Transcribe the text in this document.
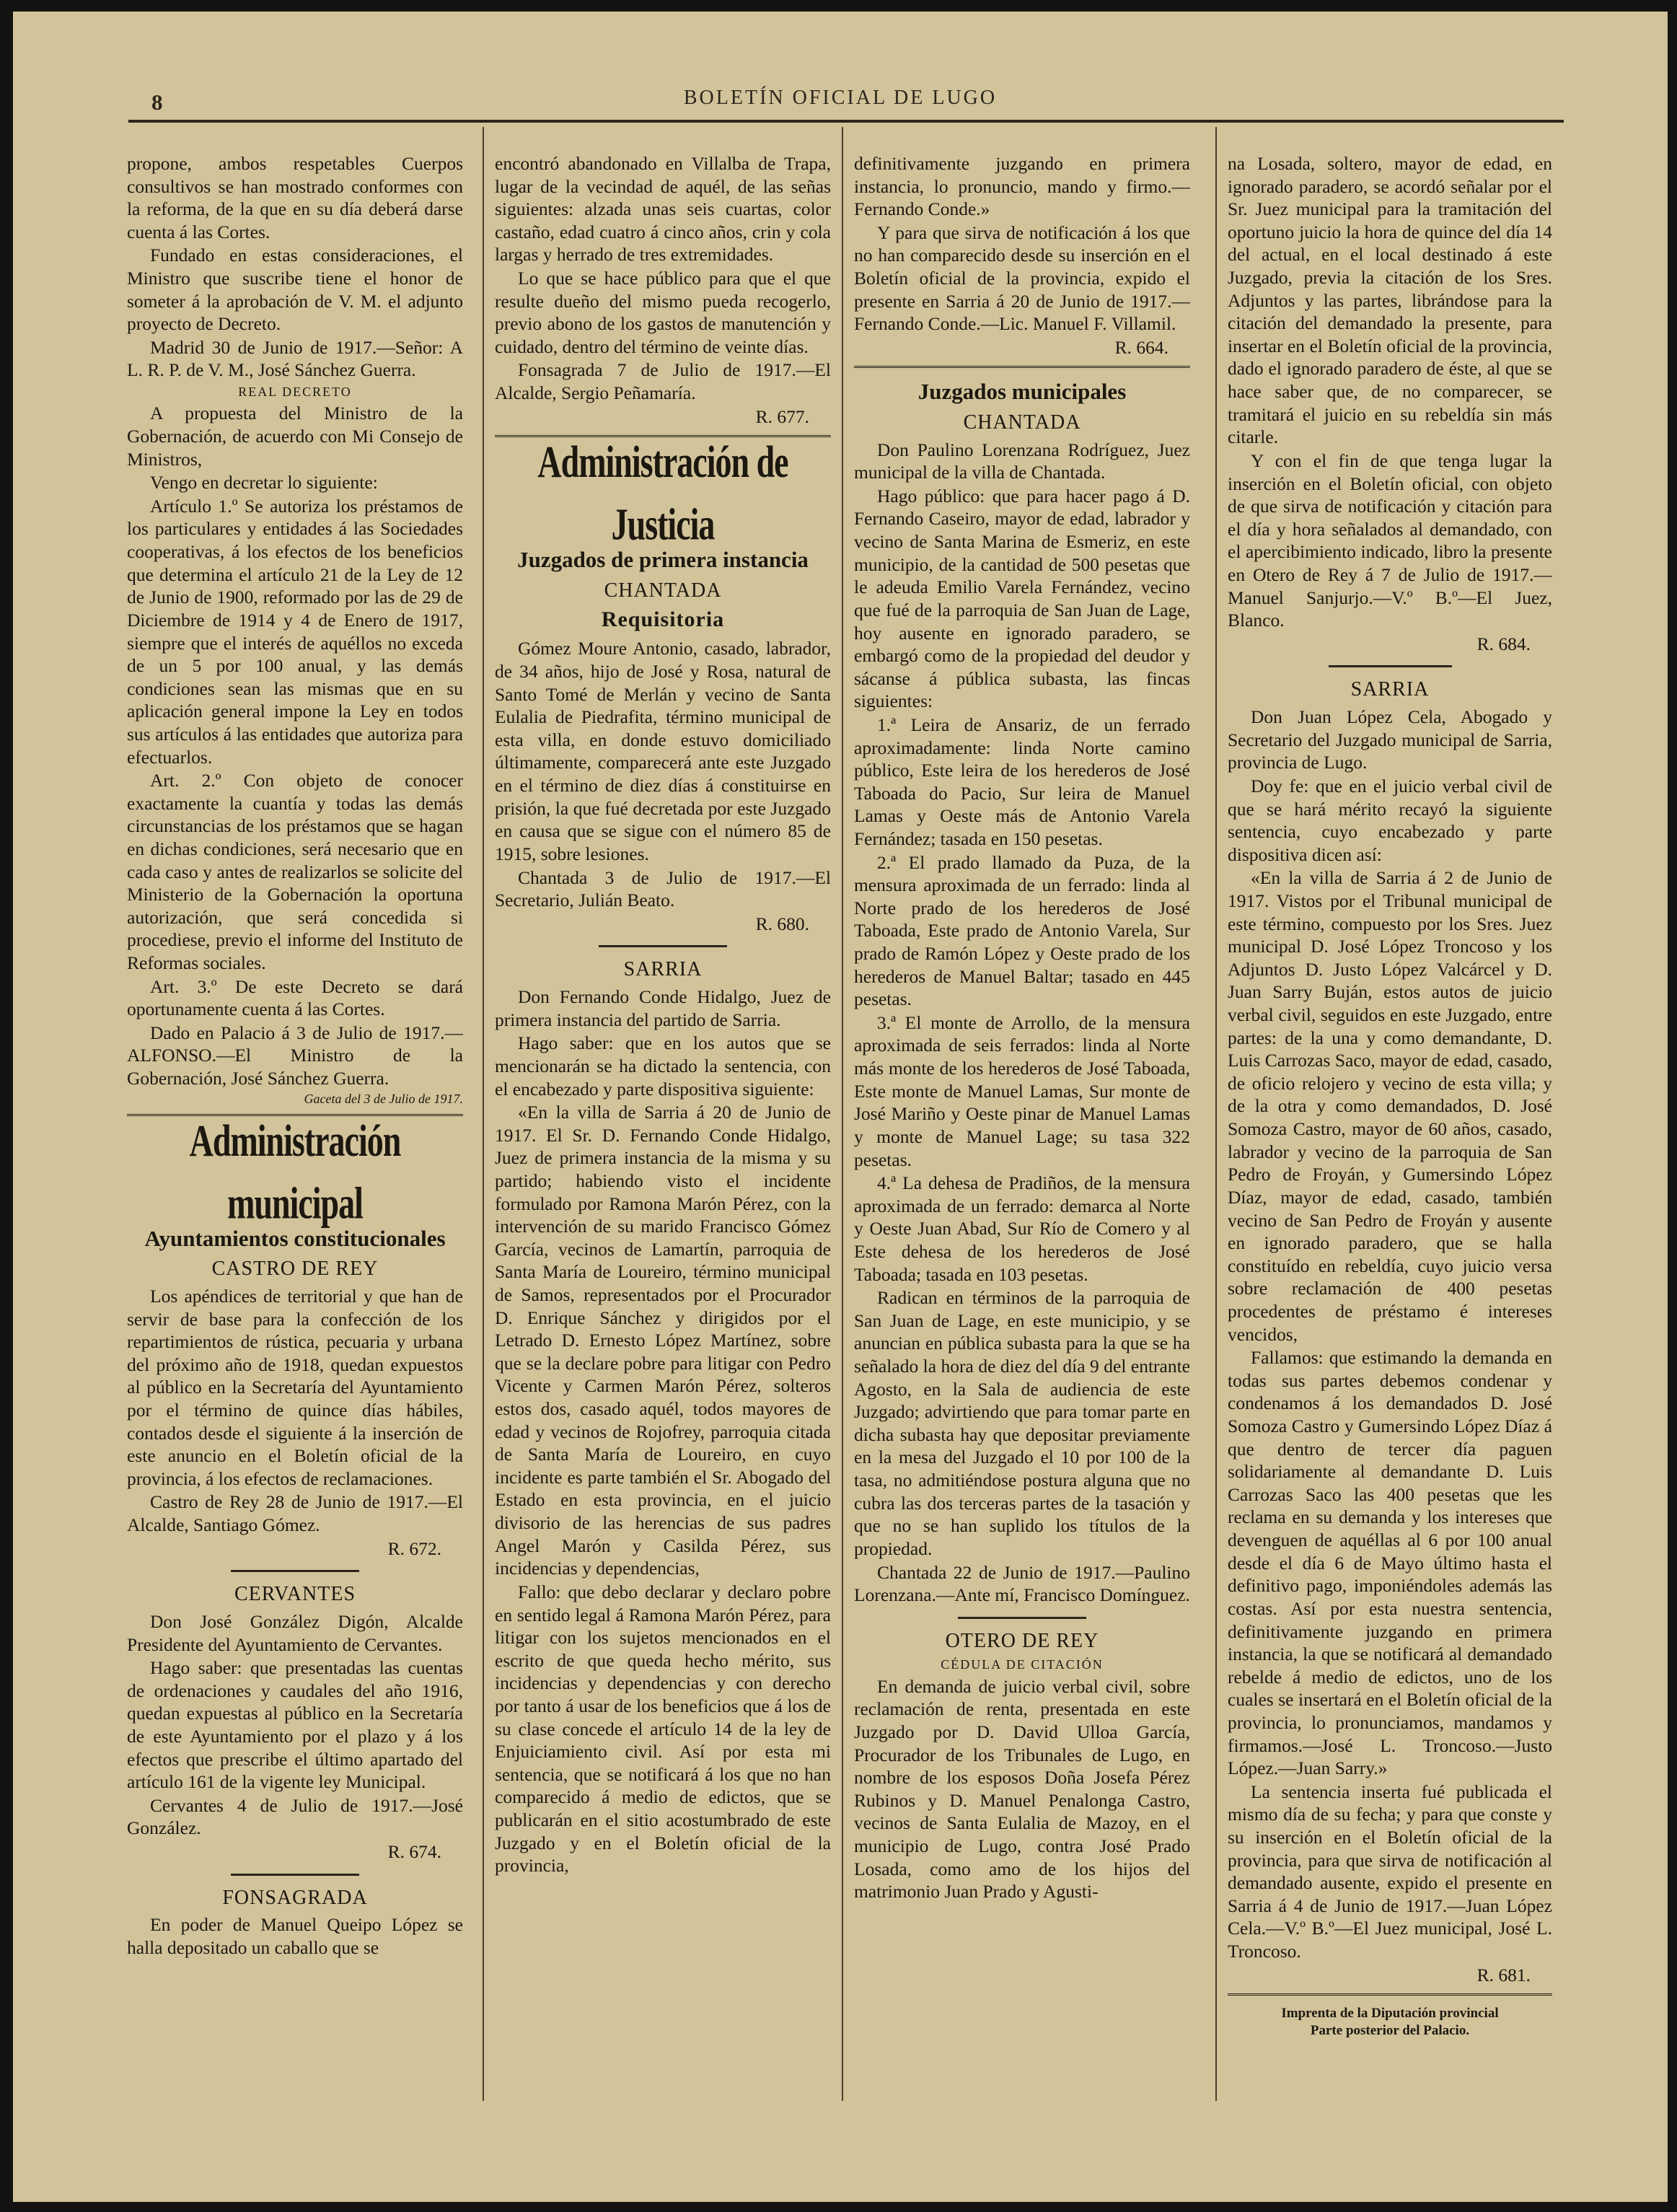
8	BOLETÍN OFICIAL DE LUGO

propone, ambos respetables Cuerpos consultivos se han mostrado conformes con la reforma, de la que en su día deberá darse cuenta á las Cortes.

Fundado en estas consideraciones, el Ministro que suscribe tiene el honor de someter á la aprobación de V. M. el adjunto proyecto de Decreto.

Madrid 30 de Junio de 1917.—Señor: A L. R. P. de V. M., José Sánchez Guerra.

REAL DECRETO

A propuesta del Ministro de la Gobernación, de acuerdo con Mi Consejo de Ministros,

Vengo en decretar lo siguiente:

Artículo 1.º Se autoriza los préstamos de los particulares y entidades á las Sociedades cooperativas, á los efectos de los beneficios que determina el artículo 21 de la Ley de 12 de Junio de 1900, reformado por las de 29 de Diciembre de 1914 y 4 de Enero de 1917, siempre que el interés de aquéllos no exceda de un 5 por 100 anual, y las demás condiciones sean las mismas que en su aplicación general impone la Ley en todos sus artículos á las entidades que autoriza para efectuarlos.

Art. 2.º Con objeto de conocer exactamente la cuantía y todas las demás circunstancias de los préstamos que se hagan en dichas condiciones, será necesario que en cada caso y antes de realizarlos se solicite del Ministerio de la Gobernación la oportuna autorización, que será concedida si procediese, previo el informe del Instituto de Reformas sociales.

Art. 3.º De este Decreto se dará oportunamente cuenta á las Cortes.

Dado en Palacio á 3 de Julio de 1917.—ALFONSO.—El Ministro de la Gobernación, José Sánchez Guerra.

Gaceta del 3 de Julio de 1917.

Administración municipal

Ayuntamientos constitucionales

CASTRO DE REY

Los apéndices de territorial y que han de servir de base para la confección de los repartimientos de rústica, pecuaria y urbana del próximo año de 1918, quedan expuestos al público en la Secretaría del Ayuntamiento por el término de quince días hábiles, contados desde el siguiente á la inserción de este anuncio en el Boletín oficial de la provincia, á los efectos de reclamaciones.

Castro de Rey 28 de Junio de 1917.—El Alcalde, Santiago Gómez.

R. 672.

CERVANTES

Don José González Digón, Alcalde Presidente del Ayuntamiento de Cervantes.

Hago saber: que presentadas las cuentas de ordenaciones y caudales del año 1916, quedan expuestas al público en la Secretaría de este Ayuntamiento por el plazo y á los efectos que prescribe el último apartado del artículo 161 de la vigente ley Municipal.

Cervantes 4 de Julio de 1917.—José González.

R. 674.

FONSAGRADA

En poder de Manuel Queipo López se halla depositado un caballo que se

encontró abandonado en Villalba de Trapa, lugar de la vecindad de aquél, de las señas siguientes: alzada unas seis cuartas, color castaño, edad cuatro á cinco años, crin y cola largas y herrado de tres extremidades.

Lo que se hace público para que el que resulte dueño del mismo pueda recogerlo, previo abono de los gastos de manutención y cuidado, dentro del término de veinte días.

Fonsagrada 7 de Julio de 1917.—El Alcalde, Sergio Peñamaría.

R. 677.

Administración de Justicia

Juzgados de primera instancia

CHANTADA

Requisitoria

Gómez Moure Antonio, casado, labrador, de 34 años, hijo de José y Rosa, natural de Santo Tomé de Merlán y vecino de Santa Eulalia de Piedrafita, término municipal de esta villa, en donde estuvo domiciliado últimamente, comparecerá ante este Juzgado en el término de diez días á constituirse en prisión, la que fué decretada por este Juzgado en causa que se sigue con el número 85 de 1915, sobre lesiones.

Chantada 3 de Julio de 1917.—El Secretario, Julián Beato.

R. 680.

SARRIA

Don Fernando Conde Hidalgo, Juez de primera instancia del partido de Sarria.

Hago saber: que en los autos que se mencionarán se ha dictado la sentencia, con el encabezado y parte dispositiva siguiente:

«En la villa de Sarria á 20 de Junio de 1917. El Sr. D. Fernando Conde Hidalgo, Juez de primera instancia de la misma y su partido; habiendo visto el incidente formulado por Ramona Marón Pérez, con la intervención de su marido Francisco Gómez García, vecinos de Lamartín, parroquia de Santa María de Loureiro, término municipal de Samos, representados por el Procurador D. Enrique Sánchez y dirigidos por el Letrado D. Ernesto López Martínez, sobre que se la declare pobre para litigar con Pedro Vicente y Carmen Marón Pérez, solteros estos dos, casado aquél, todos mayores de edad y vecinos de Rojofrey, parroquia citada de Santa María de Loureiro, en cuyo incidente es parte también el Sr. Abogado del Estado en esta provincia, en el juicio divisorio de las herencias de sus padres Angel Marón y Casilda Pérez, sus incidencias y dependencias,

Fallo: que debo declarar y declaro pobre en sentido legal á Ramona Marón Pérez, para litigar con los sujetos mencionados en el escrito de que queda hecho mérito, sus incidencias y dependencias y con derecho por tanto á usar de los beneficios que á los de su clase concede el artículo 14 de la ley de Enjuiciamiento civil. Así por esta mi sentencia, que se notificará á los que no han comparecido á medio de edictos, que se publicarán en el sitio acostumbrado de este Juzgado y en el Boletín oficial de la provincia,

definitivamente juzgando en primera instancia, lo pronuncio, mando y firmo.—Fernando Conde.»

Y para que sirva de notificación á los que no han comparecido desde su inserción en el Boletín oficial de la provincia, expido el presente en Sarria á 20 de Junio de 1917.—Fernando Conde.—Lic. Manuel F. Villamil.

R. 664.

Juzgados municipales

CHANTADA

Don Paulino Lorenzana Rodríguez, Juez municipal de la villa de Chantada.

Hago público: que para hacer pago á D. Fernando Caseiro, mayor de edad, labrador y vecino de Santa Marina de Esmeriz, en este municipio, de la cantidad de 500 pesetas que le adeuda Emilio Varela Fernández, vecino que fué de la parroquia de San Juan de Lage, hoy ausente en ignorado paradero, se embargó como de la propiedad del deudor y sácanse á pública subasta, las fincas siguientes:

1.ª Leira de Ansariz, de un ferrado aproximadamente: linda Norte camino público, Este leira de los herederos de José Taboada do Pacio, Sur leira de Manuel Lamas y Oeste más de Antonio Varela Fernández; tasada en 150 pesetas.

2.ª El prado llamado da Puza, de la mensura aproximada de un ferrado: linda al Norte prado de los herederos de José Taboada, Este prado de Antonio Varela, Sur prado de Ramón López y Oeste prado de los herederos de Manuel Baltar; tasado en 445 pesetas.

3.ª El monte de Arrollo, de la mensura aproximada de seis ferrados: linda al Norte más monte de los herederos de José Taboada, Este monte de Manuel Lamas, Sur monte de José Mariño y Oeste pinar de Manuel Lamas y monte de Manuel Lage; su tasa 322 pesetas.

4.ª La dehesa de Pradiños, de la mensura aproximada de un ferrado: demarca al Norte y Oeste Juan Abad, Sur Río de Comero y al Este dehesa de los herederos de José Taboada; tasada en 103 pesetas.

Radican en términos de la parroquia de San Juan de Lage, en este municipio, y se anuncian en pública subasta para la que se ha señalado la hora de diez del día 9 del entrante Agosto, en la Sala de audiencia de este Juzgado; advirtiendo que para tomar parte en dicha subasta hay que depositar previamente en la mesa del Juzgado el 10 por 100 de la tasa, no admitiéndose postura alguna que no cubra las dos terceras partes de la tasación y que no se han suplido los títulos de la propiedad.

Chantada 22 de Junio de 1917.—Paulino Lorenzana.—Ante mí, Francisco Domínguez.

OTERO DE REY

CÉDULA DE CITACIÓN

En demanda de juicio verbal civil, sobre reclamación de renta, presentada en este Juzgado por D. David Ulloa García, Procurador de los Tribunales de Lugo, en nombre de los esposos Doña Josefa Pérez Rubinos y D. Manuel Penalonga Castro, vecinos de Santa Eulalia de Mazoy, en el municipio de Lugo, contra José Prado Losada, como amo de los hijos del matrimonio Juan Prado y Agusti-

na Losada, soltero, mayor de edad, en ignorado paradero, se acordó señalar por el Sr. Juez municipal para la tramitación del oportuno juicio la hora de quince del día 14 del actual, en el local destinado á este Juzgado, previa la citación de los Sres. Adjuntos y las partes, librándose para la citación del demandado la presente, para insertar en el Boletín oficial de la provincia, dado el ignorado paradero de éste, al que se hace saber que, de no comparecer, se tramitará el juicio en su rebeldía sin más citarle.

Y con el fin de que tenga lugar la inserción en el Boletín oficial, con objeto de que sirva de notificación y citación para el día y hora señalados al demandado, con el apercibimiento indicado, libro la presente en Otero de Rey á 7 de Julio de 1917.—Manuel Sanjurjo.—V.º B.º—El Juez, Blanco.

R. 684.

SARRIA

Don Juan López Cela, Abogado y Secretario del Juzgado municipal de Sarria, provincia de Lugo.

Doy fe: que en el juicio verbal civil de que se hará mérito recayó la siguiente sentencia, cuyo encabezado y parte dispositiva dicen así:

«En la villa de Sarria á 2 de Junio de 1917. Vistos por el Tribunal municipal de este término, compuesto por los Sres. Juez municipal D. José López Troncoso y los Adjuntos D. Justo López Valcárcel y D. Juan Sarry Buján, estos autos de juicio verbal civil, seguidos en este Juzgado, entre partes: de la una y como demandante, D. Luis Carrozas Saco, mayor de edad, casado, de oficio relojero y vecino de esta villa; y de la otra y como demandados, D. José Somoza Castro, mayor de 60 años, casado, labrador y vecino de la parroquia de San Pedro de Froyán, y Gumersindo López Díaz, mayor de edad, casado, también vecino de San Pedro de Froyán y ausente en ignorado paradero, que se halla constituído en rebeldía, cuyo juicio versa sobre reclamación de 400 pesetas procedentes de préstamo é intereses vencidos,

Fallamos: que estimando la demanda en todas sus partes debemos condenar y condenamos á los demandados D. José Somoza Castro y Gumersindo López Díaz á que dentro de tercer día paguen solidariamente al demandante D. Luis Carrozas Saco las 400 pesetas que les reclama en su demanda y los intereses que devenguen de aquéllas al 6 por 100 anual desde el día 6 de Mayo último hasta el definitivo pago, imponiéndoles además las costas. Así por esta nuestra sentencia, definitivamente juzgando en primera instancia, la que se notificará al demandado rebelde á medio de edictos, uno de los cuales se insertará en el Boletín oficial de la provincia, lo pronunciamos, mandamos y firmamos.—José L. Troncoso.—Justo López.—Juan Sarry.»

La sentencia inserta fué publicada el mismo día de su fecha; y para que conste y su inserción en el Boletín oficial de la provincia, para que sirva de notificación al demandado ausente, expido el presente en Sarria á 4 de Junio de 1917.—Juan López Cela.—V.º B.º—El Juez municipal, José L. Troncoso.

R. 681.

Imprenta de la Diputación provincial

Parte posterior del Palacio.
